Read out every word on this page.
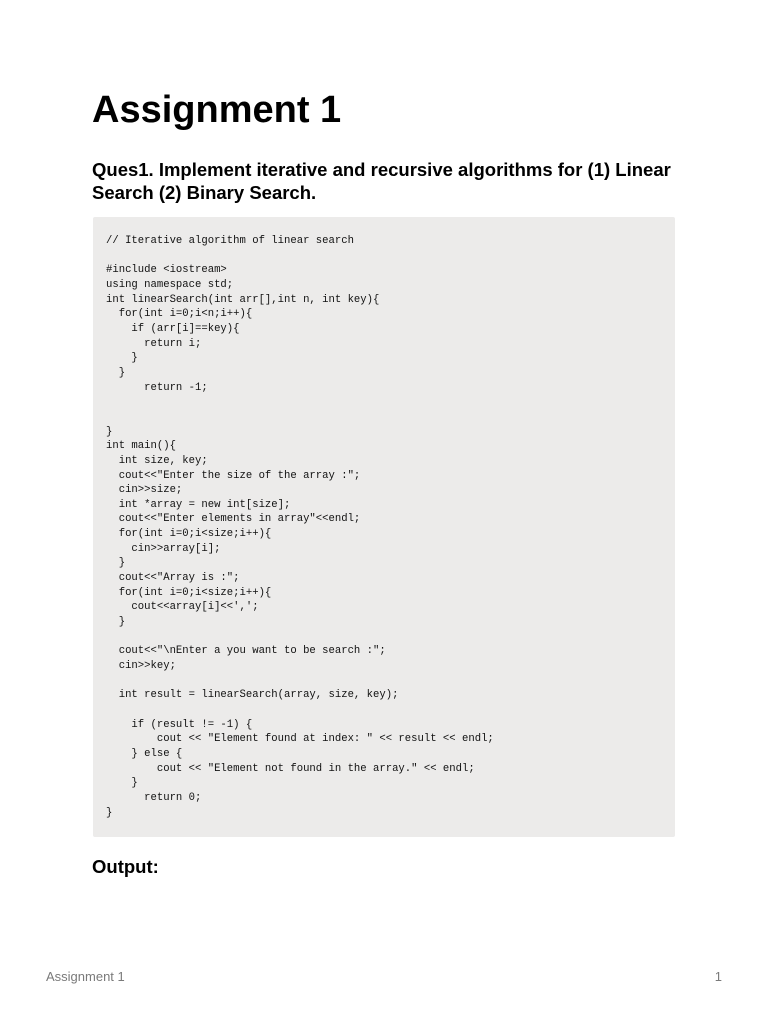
Assignment 1
Ques1. Implement iterative and recursive algorithms for (1) Linear Search (2) Binary Search.
// Iterative algorithm of linear search

#include <iostream>
using namespace std;
int linearSearch(int arr[],int n, int key){
for(int i=0;i<n;i++){
if (arr[i]==key){
return i;
}
}
return -1;

}
int main(){
int size, key;
cout<<"Enter the size of the array :";
cin>>size;
int *array = new int[size];
cout<<"Enter elements in array"<<endl;
for(int i=0;i<size;i++){
cin>>array[i];
}
cout<<"Array is :";
for(int i=0;i<size;i++){
cout<<array[i]<<',';
}

cout<<"\nEnter a you want to be search :";
cin>>key;

int result = linearSearch(array, size, key);

if (result != -1) {
cout << "Element found at index: " << result << endl;
} else {
cout << "Element not found in the array." << endl;
}
return 0;
}
Output:
Assignment 1	1
